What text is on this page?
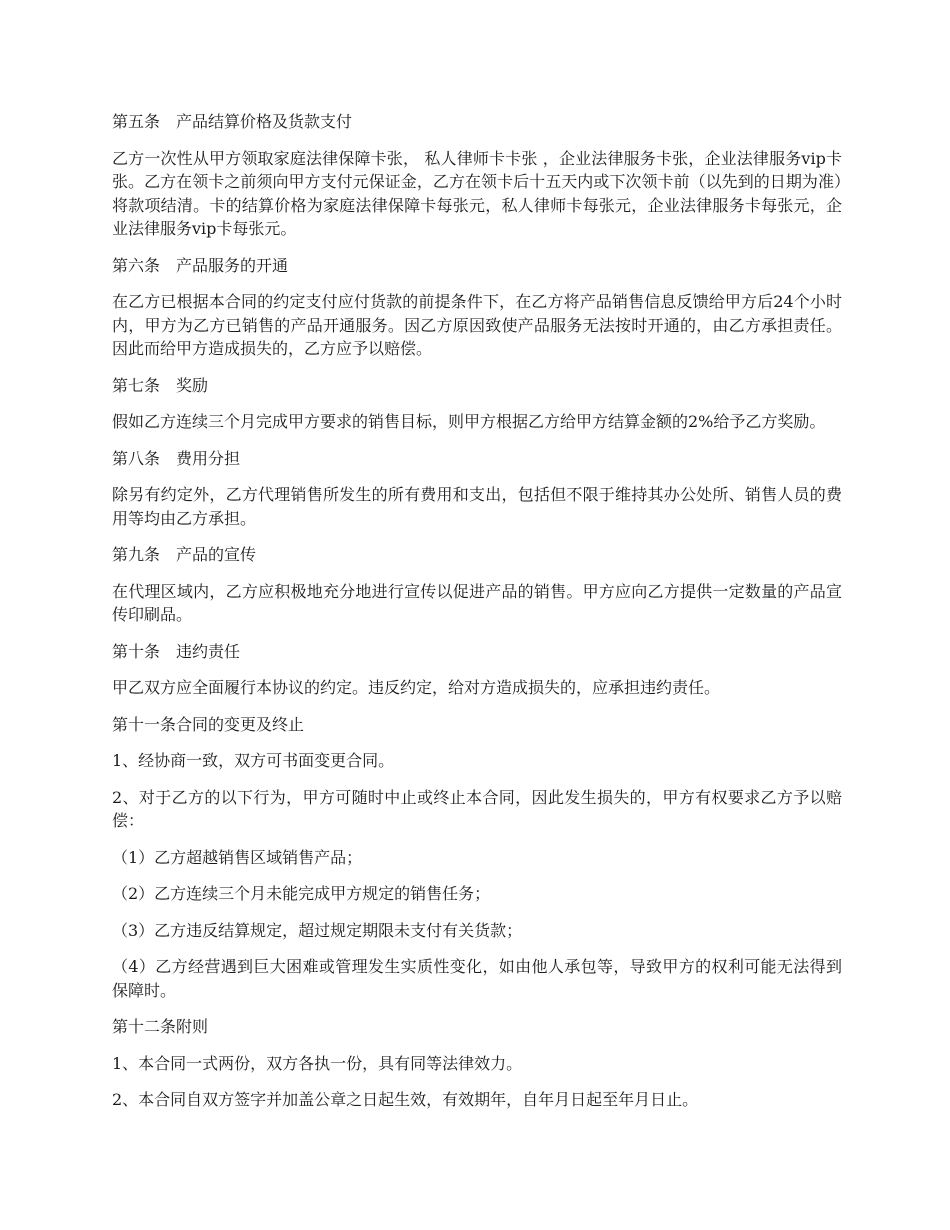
第五条　产品结算价格及货款支付

乙方一次性从甲方领取家庭法律保障卡张， 私人律师卡卡张 ，企业法律服务卡张，企业法律服务vip卡张。乙方在领卡之前须向甲方支付元保证金，乙方在领卡后十五天内或下次领卡前（以先到的日期为准）将款项结清。卡的结算价格为家庭法律保障卡每张元，私人律师卡每张元，企业法律服务卡每张元，企业法律服务vip卡每张元。

第六条　产品服务的开通

在乙方已根据本合同的约定支付应付货款的前提条件下，在乙方将产品销售信息反馈给甲方后24个小时内，甲方为乙方已销售的产品开通服务。因乙方原因致使产品服务无法按时开通的，由乙方承担责任。因此而给甲方造成损失的，乙方应予以赔偿。

第七条　奖励

假如乙方连续三个月完成甲方要求的销售目标，则甲方根据乙方给甲方结算金额的2%给予乙方奖励。

第八条　费用分担

除另有约定外，乙方代理销售所发生的所有费用和支出，包括但不限于维持其办公处所、销售人员的费用等均由乙方承担。

第九条　产品的宣传

在代理区域内，乙方应积极地充分地进行宣传以促进产品的销售。甲方应向乙方提供一定数量的产品宣传印刷品。

第十条　违约责任

甲乙双方应全面履行本协议的约定。违反约定，给对方造成损失的，应承担违约责任。

第十一条合同的变更及终止

1、经协商一致，双方可书面变更合同。

2、对于乙方的以下行为，甲方可随时中止或终止本合同，因此发生损失的，甲方有权要求乙方予以赔偿：

（1）乙方超越销售区域销售产品；

（2）乙方连续三个月未能完成甲方规定的销售任务；

（3）乙方违反结算规定，超过规定期限未支付有关货款；

（4）乙方经营遇到巨大困难或管理发生实质性变化，如由他人承包等，导致甲方的权利可能无法得到保障时。

第十二条附则

1、本合同一式两份，双方各执一份，具有同等法律效力。

2、本合同自双方签字并加盖公章之日起生效，有效期年，自年月日起至年月日止。
